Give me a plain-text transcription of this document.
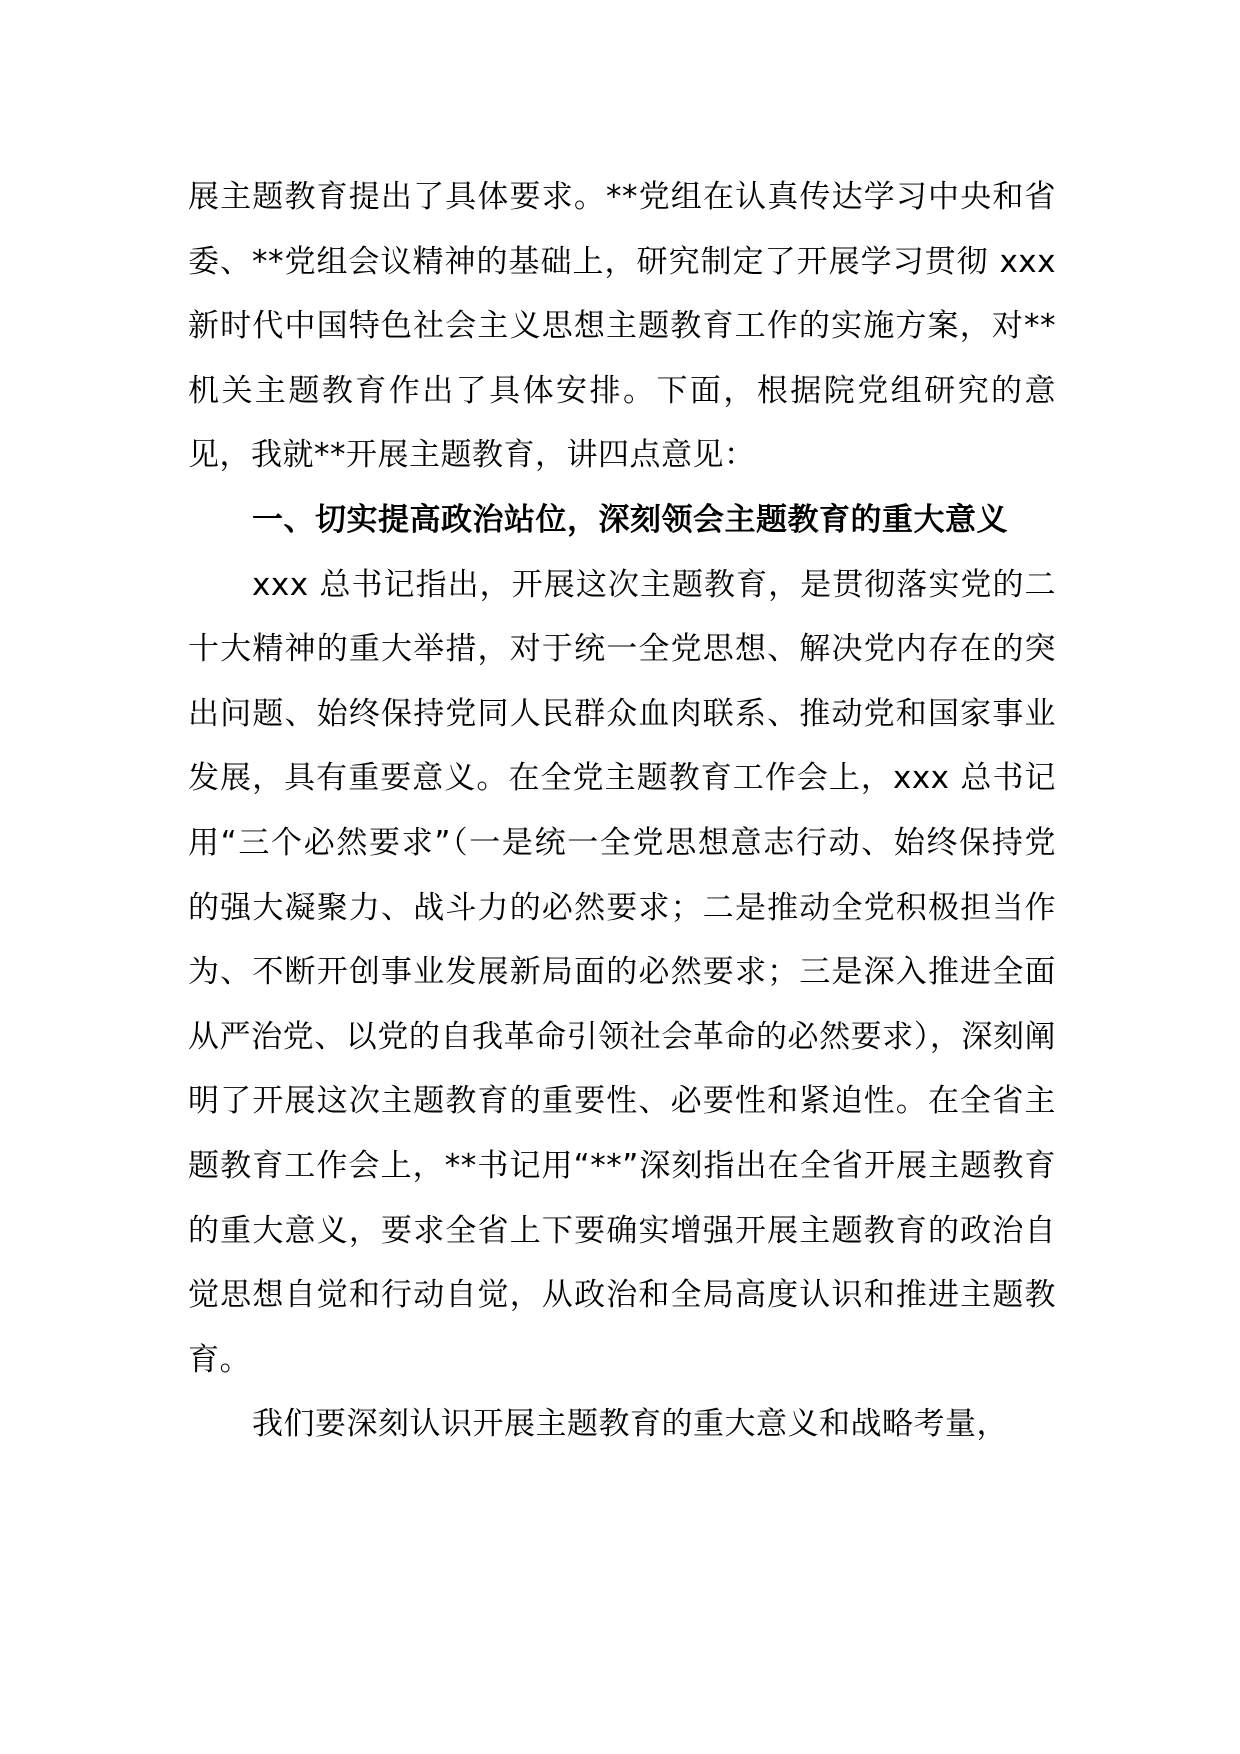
展主题教育提出了具体要求。**党组在认真传达学习中央和省委、**党组会议精神的基础上，研究制定了开展学习贯彻 xxx 新时代中国特色社会主义思想主题教育工作的实施方案，对**机关主题教育作出了具体安排。下面，根据院党组研究的意见，我就**开展主题教育，讲四点意见：

一、切实提高政治站位，深刻领会主题教育的重大意义

xxx 总书记指出，开展这次主题教育，是贯彻落实党的二十大精神的重大举措，对于统一全党思想、解决党内存在的突出问题、始终保持党同人民群众血肉联系、推动党和国家事业发展，具有重要意义。在全党主题教育工作会上，xxx 总书记用“三个必然要求”（一是统一全党思想意志行动、始终保持党的强大凝聚力、战斗力的必然要求；二是推动全党积极担当作为、不断开创事业发展新局面的必然要求；三是深入推进全面从严治党、以党的自我革命引领社会革命的必然要求），深刻阐明了开展这次主题教育的重要性、必要性和紧迫性。在全省主题教育工作会上，**书记用“**”深刻指出在全省开展主题教育的重大意义，要求全省上下要确实增强开展主题教育的政治自觉思想自觉和行动自觉，从政治和全局高度认识和推进主题教育。

我们要深刻认识开展主题教育的重大意义和战略考量，
